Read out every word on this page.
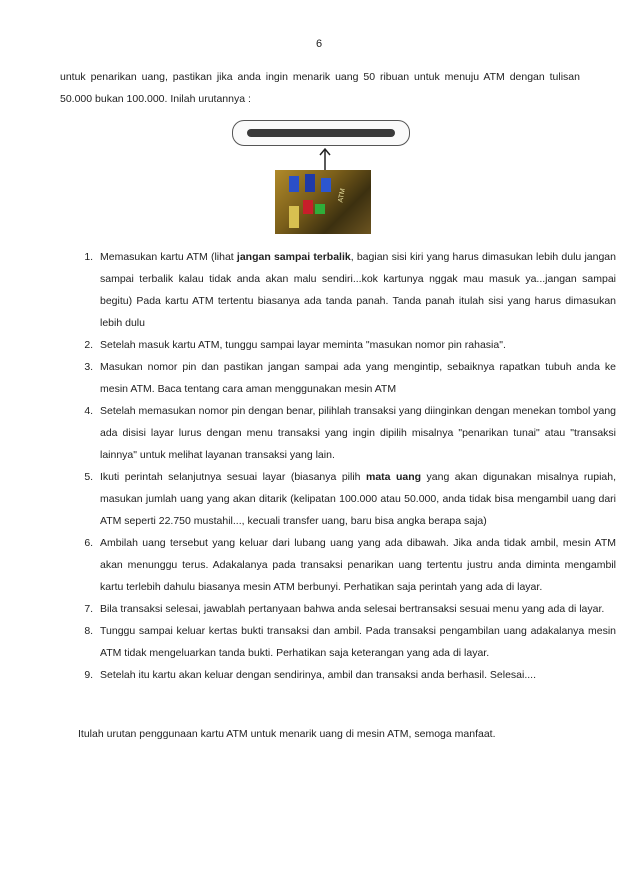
6

untuk penarikan uang, pastikan jika anda ingin menarik uang 50 ribuan untuk menuju ATM dengan tulisan 50.000 bukan 100.000. Inilah urutannya :

ATM
1. Memasukan kartu ATM (lihat jangan sampai terbalik, bagian sisi kiri yang harus dimasukan lebih dulu jangan sampai terbalik kalau tidak anda akan malu sendiri...kok kartunya nggak mau masuk ya...jangan sampai begitu) Pada kartu ATM tertentu biasanya ada tanda panah. Tanda panah itulah sisi yang harus dimasukan lebih dulu
2. Setelah masuk kartu ATM, tunggu sampai layar meminta "masukan nomor pin rahasia".
3. Masukan nomor pin dan pastikan jangan sampai ada yang mengintip, sebaiknya rapatkan tubuh anda ke mesin ATM. Baca tentang cara aman menggunakan mesin ATM
4. Setelah memasukan nomor pin dengan benar, pilihlah transaksi yang diinginkan dengan menekan tombol yang ada disisi layar lurus dengan menu transaksi yang ingin dipilih misalnya "penarikan tunai" atau "transaksi lainnya" untuk melihat layanan transaksi yang lain.
5. Ikuti perintah selanjutnya sesuai layar (biasanya pilih mata uang yang akan digunakan misalnya rupiah, masukan jumlah uang yang akan ditarik (kelipatan 100.000 atau 50.000, anda tidak bisa mengambil uang dari ATM seperti 22.750 mustahil..., kecuali transfer uang, baru bisa angka berapa saja)
6. Ambilah uang tersebut yang keluar dari lubang uang yang ada dibawah. Jika anda tidak ambil, mesin ATM akan menunggu terus. Adakalanya pada transaksi penarikan uang tertentu justru anda diminta mengambil kartu terlebih dahulu biasanya mesin ATM berbunyi. Perhatikan saja perintah yang ada di layar.
7. Bila transaksi selesai, jawablah pertanyaan bahwa anda selesai bertransaksi sesuai menu yang ada di layar.
8. Tunggu sampai keluar kertas bukti transaksi dan ambil. Pada transaksi pengambilan uang adakalanya mesin ATM tidak mengeluarkan tanda bukti. Perhatikan saja keterangan yang ada di layar.
9. Setelah itu kartu akan keluar dengan sendirinya, ambil dan transaksi anda berhasil. Selesai....
Itulah urutan penggunaan kartu ATM untuk menarik uang di mesin ATM, semoga manfaat.
